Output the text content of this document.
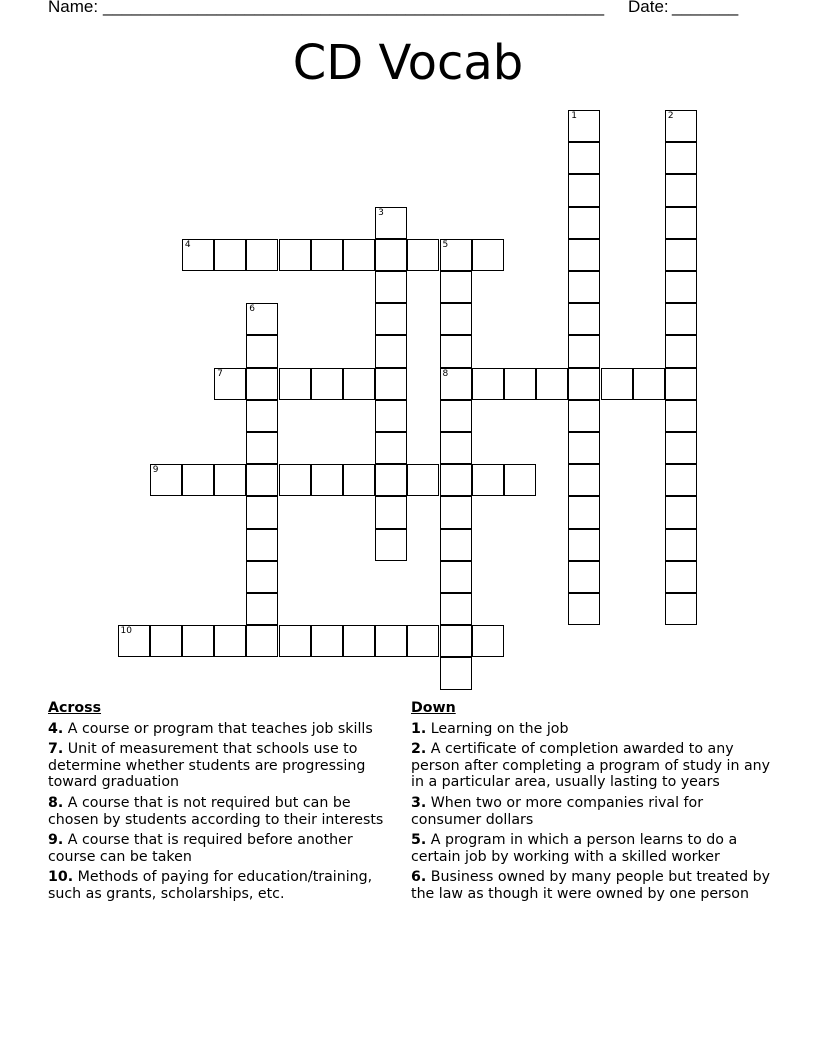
Name: _____________________________________________________ Date: _______
CD Vocab
1	2
3
4	5
8
6
7
9
10
Across
4. A course or program that teaches job skills
7. Unit of measurement that schools use to determine whether students are progressing toward graduation
8. A course that is not required but can be chosen by students according to their interests
9. A course that is required before another course can be taken
10. Methods of paying for education/training, such as grants, scholarships, etc.
Down
1. Learning on the job
2. A certificate of completion awarded to any person after completing a program of study in any in a particular area, usually lasting to years
3. When two or more companies rival for consumer dollars
5. A program in which a person learns to do a certain job by working with a skilled worker
6. Business owned by many people but treated by the law as though it were owned by one person
